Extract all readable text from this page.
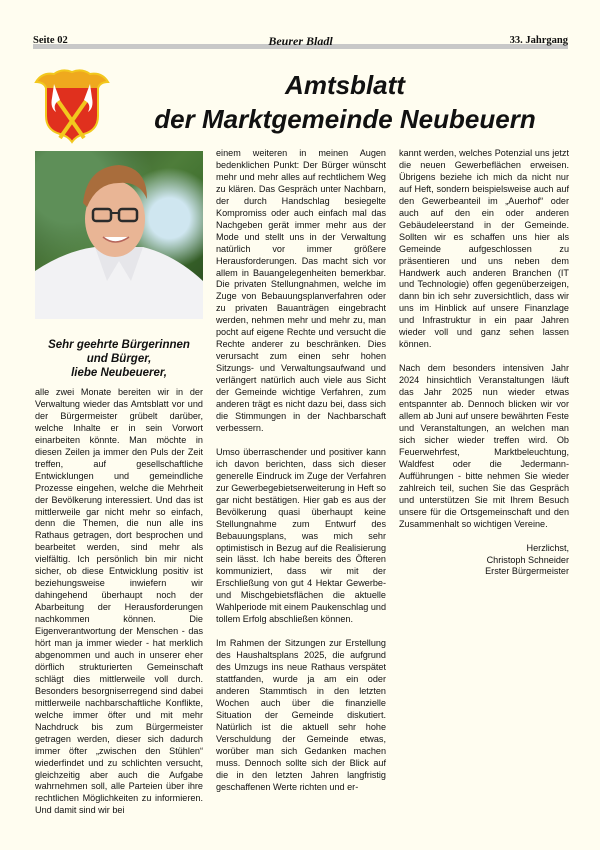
Seite 02	Beurer Bladl	33. Jahrgang
Amtsblatt
der Marktgemeinde Neubeuern
Sehr geehrte Bürgerinnen
und Bürger,
liebe Neubeuerer,

alle zwei Monate bereiten wir in der Verwaltung wieder das Amtsblatt vor und der Bürgermeister grübelt darüber, welche Inhalte er in sein Vorwort einarbeiten könnte. Man möchte in diesen Zeilen ja immer den Puls der Zeit treffen, auf gesellschaftliche Entwicklungen und gemeindliche Prozesse eingehen, welche die Mehrheit der Bevölkerung interessiert. Und das ist mittlerweile gar nicht mehr so einfach, denn die Themen, die nun alle ins Rathaus getragen, dort besprochen und bearbeitet werden, sind mehr als vielfältig. Ich persönlich bin mir nicht sicher, ob diese Entwicklung positiv ist beziehungsweise inwiefern wir dahingehend überhaupt noch der Abarbeitung der Herausforderungen nachkommen können. Die Eigenverantwortung der Menschen - das hört man ja immer wieder - hat merklich abgenommen und auch in unserer eher dörflich strukturierten Gemeinschaft schlägt dies mittlerweile voll durch. Besonders besorgniserregend sind dabei mittlerweile nachbarschaftliche Konflikte, welche immer öfter und mit mehr Nachdruck bis zum Bürgermeister getragen werden, dieser sich dadurch immer öfter „zwischen den Stühlen“ wiederfindet und zu schlichten versucht, gleichzeitig aber auch die Aufgabe wahrnehmen soll, alle Parteien über ihre rechtlichen Möglichkeiten zu informieren. Und damit sind wir bei

einem weiteren in meinen Augen bedenklichen Punkt: Der Bürger wünscht mehr und mehr alles auf rechtlichem Weg zu klären. Das Gespräch unter Nachbarn, der durch Handschlag besiegelte Kompromiss oder auch einfach mal das Nachgeben gerät immer mehr aus der Mode und stellt uns in der Verwaltung natürlich vor immer größere Herausforderungen. Das macht sich vor allem in Bauangelegenheiten bemerkbar. Die privaten Stellungnahmen, welche im Zuge von Bebauungsplanverfahren oder zu privaten Bauanträgen eingebracht werden, nehmen mehr und mehr zu, man pocht auf eigene Rechte und versucht die Rechte anderer zu beschränken. Dies verursacht zum einen sehr hohen Sitzungs- und Verwaltungsaufwand und verlängert natürlich auch viele aus Sicht der Gemeinde wichtige Verfahren, zum anderen trägt es nicht dazu bei, dass sich die Stimmungen in der Nachbarschaft verbessern.

Umso überraschender und positiver kann ich davon berichten, dass sich dieser generelle Eindruck im Zuge der Verfahren zur Gewerbegebietserweiterung in Heft so gar nicht bestätigen. Hier gab es aus der Bevölkerung quasi überhaupt keine Stellungnahme zum Entwurf des Bebauungsplans, was mich sehr optimistisch in Bezug auf die Realisierung sein lässt. Ich habe bereits des Öfteren kommuniziert, dass wir mit der Erschließung von gut 4 Hektar Gewerbe- und Mischgebietsflächen die aktuelle Wahlperiode mit einem Paukenschlag und tollem Erfolg abschließen können.

Im Rahmen der Sitzungen zur Erstellung des Haushaltsplans 2025, die aufgrund des Umzugs ins neue Rathaus verspätet stattfanden, wurde ja am ein oder anderen Stammtisch in den letzten Wochen auch über die finanzielle Situation der Gemeinde diskutiert. Natürlich ist die aktuell sehr hohe Verschuldung der Gemeinde etwas, worüber man sich Gedanken machen muss. Dennoch sollte sich der Blick auf die in den letzten Jahren langfristig geschaffenen Werte richten und er-

kannt werden, welches Potenzial uns jetzt die neuen Gewerbeflächen erweisen. Übrigens beziehe ich mich da nicht nur auf Heft, sondern beispielsweise auch auf den Gewerbeanteil im „Auerhof“ oder auch auf den ein oder anderen Gebäudeleerstand in der Gemeinde. Sollten wir es schaffen uns hier als Gemeinde aufgeschlossen zu präsentieren und uns neben dem Handwerk auch anderen Branchen (IT und Technologie) offen gegenüberzeigen, dann bin ich sehr zuversichtlich, dass wir uns im Hinblick auf unsere Finanzlage und Infrastruktur in ein paar Jahren wieder voll und ganz sehen lassen können.

Nach dem besonders intensiven Jahr 2024 hinsichtlich Veranstaltungen läuft das Jahr 2025 nun wieder etwas entspannter ab. Dennoch blicken wir vor allem ab Juni auf unsere bewährten Feste und Veranstaltungen, an welchen man sich sicher wieder treffen wird. Ob Feuerwehrfest, Marktbeleuchtung, Waldfest oder die Jedermann-Aufführungen - bitte nehmen Sie wieder zahlreich teil, suchen Sie das Gespräch und unterstützen Sie mit Ihrem Besuch unsere für die Ortsgemeinschaft und den Zusammenhalt so wichtigen Vereine.

Herzlichst,
Christoph Schneider
Erster Bürgermeister
